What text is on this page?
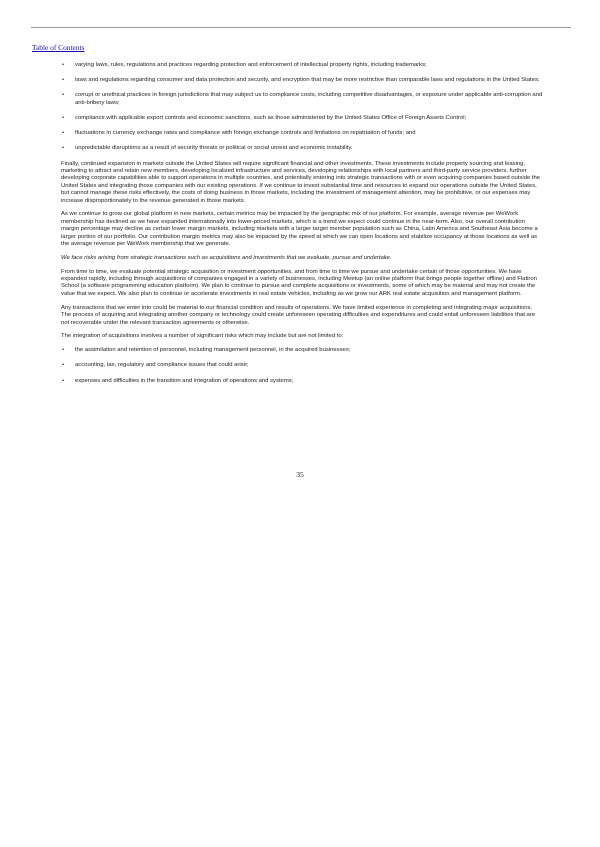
Table of Contents
• varying laws, rules, regulations and practices regarding protection and enforcement of intellectual property rights, including trademarks;
• laws and regulations regarding consumer and data protection and security, and encryption that may be more restrictive than comparable laws and regulations in the United States;
• corrupt or unethical practices in foreign jurisdictions that may subject us to compliance costs, including competitive disadvantages, or exposure under applicable anti-corruption and anti-bribery laws;
• compliance with applicable export controls and economic sanctions, such as those administered by the United States Office of Foreign Assets Control;
• fluctuations in currency exchange rates and compliance with foreign exchange controls and limitations on repatriation of funds; and
• unpredictable disruptions as a result of security threats or political or social unrest and economic instability.

Finally, continued expansion in markets outside the United States will require significant financial and other investments. These investments include property sourcing and leasing, marketing to attract and retain new members, developing localized infrastructure and services, developing relationships with local partners and third-party service providers, further developing corporate capabilities able to support operations in multiple countries, and potentially entering into strategic transactions with or even acquiring companies based outside the United States and integrating those companies with our existing operations. If we continue to invest substantial time and resources to expand our operations outside the United States, but cannot manage these risks effectively, the costs of doing business in those markets, including the investment of management attention, may be prohibitive, or our expenses may increase disproportionately to the revenue generated in those markets.

As we continue to grow our global platform in new markets, certain metrics may be impacted by the geographic mix of our platform. For example, average revenue per WeWork membership has declined as we have expanded internationally into lower-priced markets, which is a trend we expect could continue in the near-term. Also, our overall contribution margin percentage may decline as certain lower margin markets, including markets with a larger target member population such as China, Latin America and Southeast Asia become a larger portion of our portfolio. Our contribution margin metrics may also be impacted by the speed at which we can open locations and stabilize occupancy at those locations as well as the average revenue per WeWork membership that we generate.

We face risks arising from strategic transactions such as acquisitions and investments that we evaluate, pursue and undertake.

From time to time, we evaluate potential strategic acquisition or investment opportunities, and from time to time we pursue and undertake certain of those opportunities. We have expanded rapidly, including through acquisitions of companies engaged in a variety of businesses, including Meetup (an online platform that brings people together offline) and Flatiron School (a software programming education platform). We plan to continue to pursue and complete acquisitions or investments, some of which may be material and may not create the value that we expect. We also plan to continue or accelerate investments in real estate vehicles, including as we grow our ARK real estate acquisition and management platform.

Any transactions that we enter into could be material to our financial condition and results of operations. We have limited experience in completing and integrating major acquisitions. The process of acquiring and integrating another company or technology could create unforeseen operating difficulties and expenditures and could entail unforeseen liabilities that are not recoverable under the relevant transaction agreements or otherwise.

The integration of acquisitions involves a number of significant risks which may include but are not limited to:

• the assimilation and retention of personnel, including management personnel, in the acquired businesses;
• accounting, tax, regulatory and compliance issues that could arise;
• expenses and difficulties in the transition and integration of operations and systems;
35
